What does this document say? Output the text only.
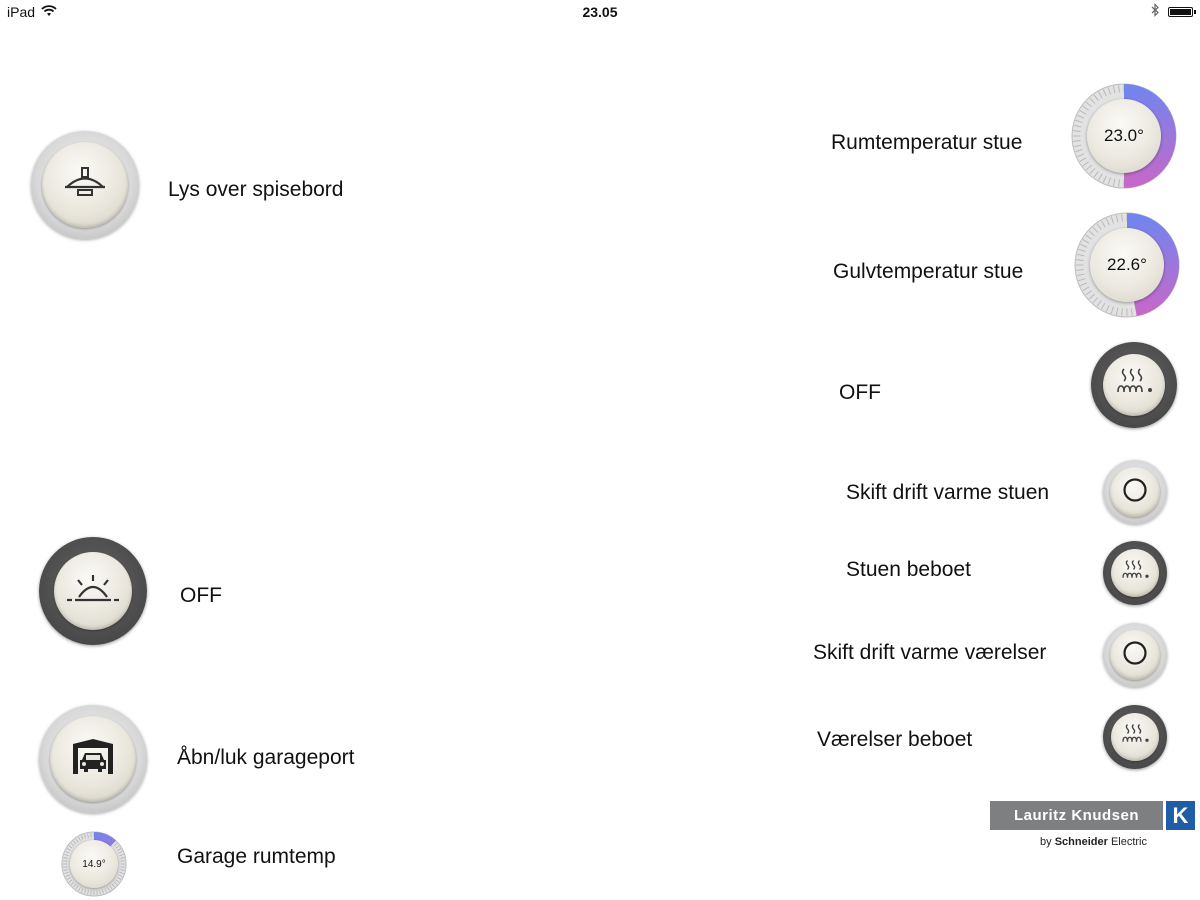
iPad	23.05
Lys over spisebord
OFF
Åbn/luk garageport
14.9°	Garage rumtemp
Rumtemperatur stue	23.0°
Gulvtemperatur stue	22.6°
OFF
Skift drift varme stuen
Stuen beboet
Skift drift varme værelser
Værelser beboet
Lauritz Knudsen	K
by Schneider Electric
